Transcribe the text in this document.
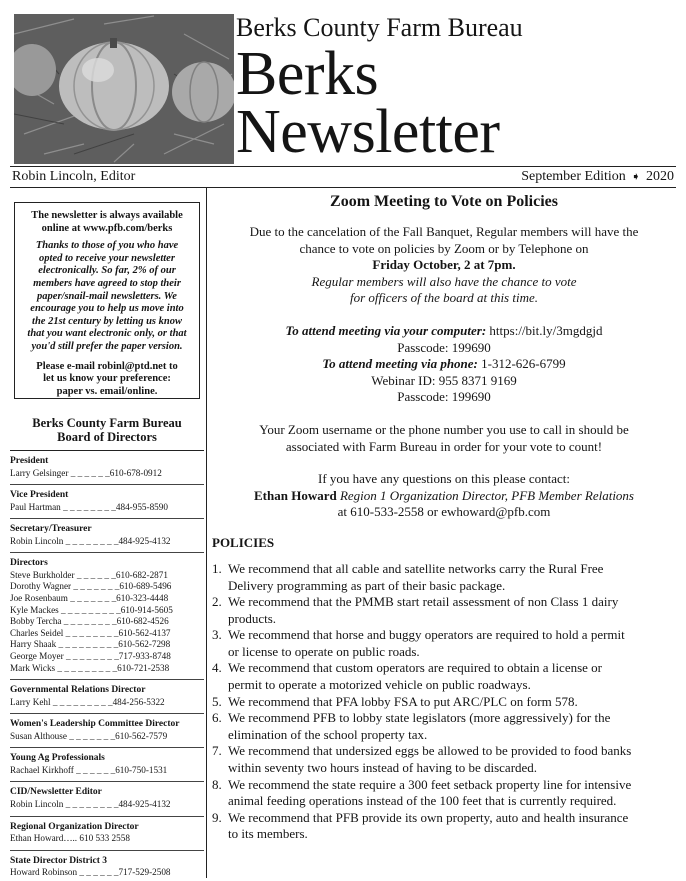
Berks County Farm Bureau
Berks
Newsletter
Robin Lincoln, Editor	September Edition ➧ 2020
The newsletter is always available
online at www.pfb.com/berks
Thanks to those of you who have
opted to receive your newsletter
electronically. So far, 2% of our
members have agreed to stop their
paper/snail-mail newsletters. We
encourage you to help us move into
the 21st century by letting us know
that you want electronic only, or that
you'd still prefer the paper version.
Please e-mail robinl@ptd.net to
let us know your preference:
paper vs. email/online.
Berks County Farm Bureau
Board of Directors
President
Larry Gelsinger _ _ _ _ _ _610-678-0912
Vice President
Paul Hartman _ _ _ _ _ _ _ _484-955-8590
Secretary/Treasurer
Robin Lincoln _ _ _ _ _ _ _ _484-925-4132
Directors
Steve Burkholder _ _ _ _ _ _610-682-2871
Dorothy Wagner _ _ _ _ _ _ _610-689-5496
Joe Rosenbaum _ _ _ _ _ _ _610-323-4448
Kyle Mackes _ _ _ _ _ _ _ _ _610-914-5605
Bobby Tercha _ _ _ _ _ _ _ _610-682-4526
Charles Seidel _ _ _ _ _ _ _ _610-562-4137
Harry Shaak _ _ _ _ _ _ _ _ _610-562-7298
George Moyer _ _ _ _ _ _ _ _717-933-8748
Mark Wicks _ _ _ _ _ _ _ _ _610-721-2538
Governmental Relations Director
Larry Kehl _ _ _ _ _ _ _ _ _484-256-5322
Women's Leadership Committee Director
Susan Althouse _ _ _ _ _ _ _610-562-7579
Young Ag Professionals
Rachael Kirkhoff _ _ _ _ _ _610-750-1531
CID/Newsletter Editor
Robin Lincoln _ _ _ _ _ _ _ _484-925-4132
Regional Organization Director
Ethan Howard….. 610 533 2558
State Director District 3
Howard Robinson _ _ _ _ _ _717-529-2508
Zoom Meeting to Vote on Policies
Due to the cancelation of the Fall Banquet, Regular members will have the
chance to vote on policies by Zoom or by Telephone on
Friday October, 2 at 7pm.
Regular members will also have the chance to vote
for officers of the board at this time.
To attend meeting via your computer: https://bit.ly/3mgdgjd
Passcode: 199690
To attend meeting via phone: 1-312-626-6799
Webinar ID: 955 8371 9169
Passcode: 199690
Your Zoom username or the phone number you use to call in should be
associated with Farm Bureau in order for your vote to count!
If you have any questions on this please contact:
Ethan Howard Region 1 Organization Director, PFB Member Relations
at 610-533-2558 or ewhoward@pfb.com
POLICIES
1. We recommend that all cable and satellite networks carry the Rural Free
Delivery programming as part of their basic package.
2. We recommend that the PMMB start retail assessment of non Class 1 dairy
products.
3. We recommend that horse and buggy operators are required to hold a permit
or license to operate on public roads.
4. We recommend that custom operators are required to obtain a license or
permit to operate a motorized vehicle on public roadways.
5. We recommend that PFA lobby FSA to put ARC/PLC on form 578.
6. We recommend PFB to lobby state legislators (more aggressively) for the
elimination of the school property tax.
7. We recommend that undersized eggs be allowed to be provided to food banks
within seventy two hours instead of having to be discarded.
8. We recommend the state require a 300 feet setback property line for intensive
animal feeding operations instead of the 100 feet that is currently required.
9. We recommend that PFB provide its own property, auto and health insurance
to its members.
